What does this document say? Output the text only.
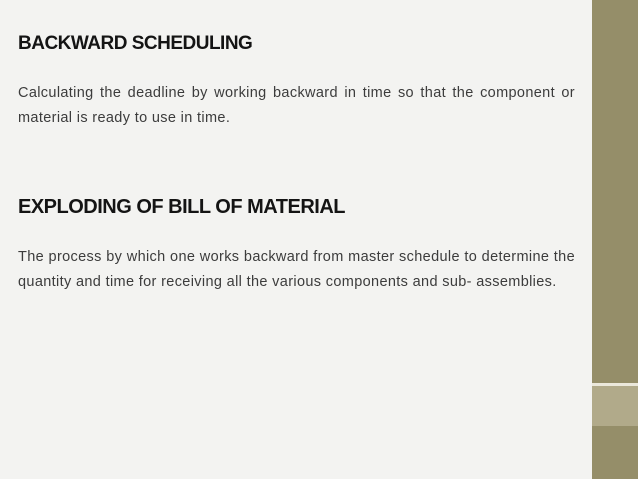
BACKWARD SCHEDULING

Calculating the deadline by working backward in time so that the component or material is ready to use in time.

EXPLODING OF BILL OF MATERIAL

The process by which one works backward from master schedule to determine the quantity and time for receiving all the various components and sub- assemblies.
